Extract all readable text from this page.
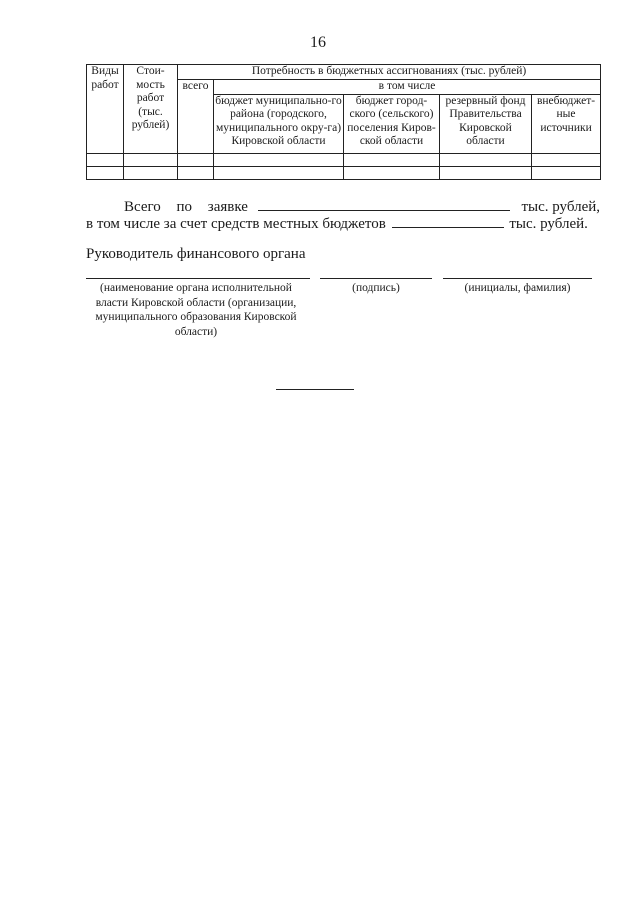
16
Виды работ	Стои-мость работ (тыс. рублей)	Потребность в бюджетных ассигнованиях (тыс. рублей)				
		всего	в том числе			
			бюджет муниципально-го района (городского, муниципального окру-га) Кировской области	бюджет город-ского (сельского) поселения Киров-ской области	резервный фонд Правительства Кировской области	внебюджет-ные источники

Всего по заявке	тыс. рублей,
в том числе за счет средств местных бюджетов	тыс. рублей.
Руководитель финансового органа
(наименование органа исполнительной власти Кировской области (организации, муниципального образования Кировской области)
(подпись)	(инициалы, фамилия)
